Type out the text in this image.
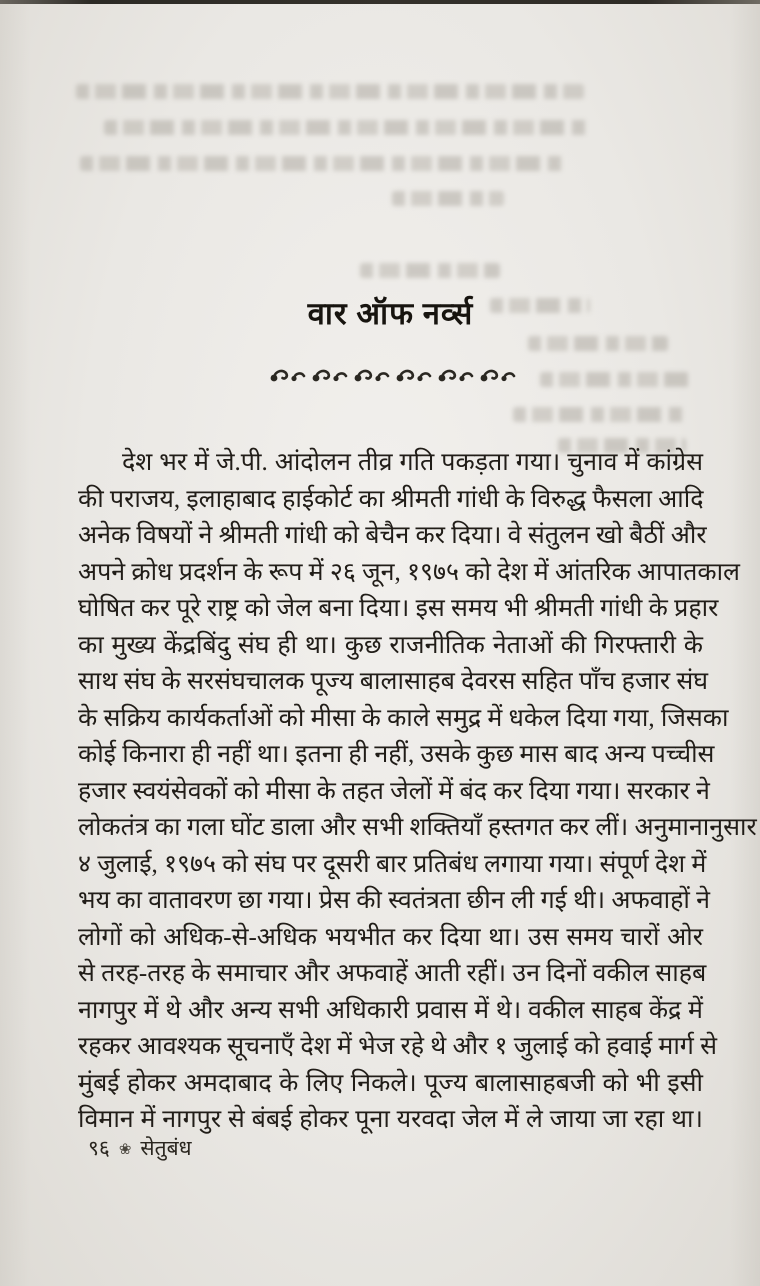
वार ऑफ नर्व्स
देश भर में जे.पी. आंदोलन तीव्र गति पकड़ता गया। चुनाव में कांग्रेस
की पराजय, इलाहाबाद हाईकोर्ट का श्रीमती गांधी के विरुद्ध फैसला आदि
अनेक विषयों ने श्रीमती गांधी को बेचैन कर दिया। वे संतुलन खो बैठीं और
अपने क्रोध प्रदर्शन के रूप में २६ जून, १९७५ को देश में आंतरिक आपातकाल
घोषित कर पूरे राष्ट्र को जेल बना दिया। इस समय भी श्रीमती गांधी के प्रहार
का मुख्य केंद्रबिंदु संघ ही था। कुछ राजनीतिक नेताओं की गिरफ्तारी के
साथ संघ के सरसंघचालक पूज्य बालासाहब देवरस सहित पाँच हजार संघ
के सक्रिय कार्यकर्ताओं को मीसा के काले समुद्र में धकेल दिया गया, जिसका
कोई किनारा ही नहीं था। इतना ही नहीं, उसके कुछ मास बाद अन्य पच्चीस
हजार स्वयंसेवकों को मीसा के तहत जेलों में बंद कर दिया गया। सरकार ने
लोकतंत्र का गला घोंट डाला और सभी शक्तियाँ हस्तगत कर लीं। अनुमानानुसार
४ जुलाई, १९७५ को संघ पर दूसरी बार प्रतिबंध लगाया गया। संपूर्ण देश में
भय का वातावरण छा गया। प्रेस की स्वतंत्रता छीन ली गई थी। अफवाहों ने
लोगों को अधिक-से-अधिक भयभीत कर दिया था। उस समय चारों ओर
से तरह-तरह के समाचार और अफवाहें आती रहीं। उन दिनों वकील साहब
नागपुर में थे और अन्य सभी अधिकारी प्रवास में थे। वकील साहब केंद्र में
रहकर आवश्यक सूचनाएँ देश में भेज रहे थे और १ जुलाई को हवाई मार्ग से
मुंबई होकर अमदाबाद के लिए निकले। पूज्य बालासाहबजी को भी इसी
विमान में नागपुर से बंबई होकर पूना यरवदा जेल में ले जाया जा रहा था।
९६ ❀ सेतुबंध
